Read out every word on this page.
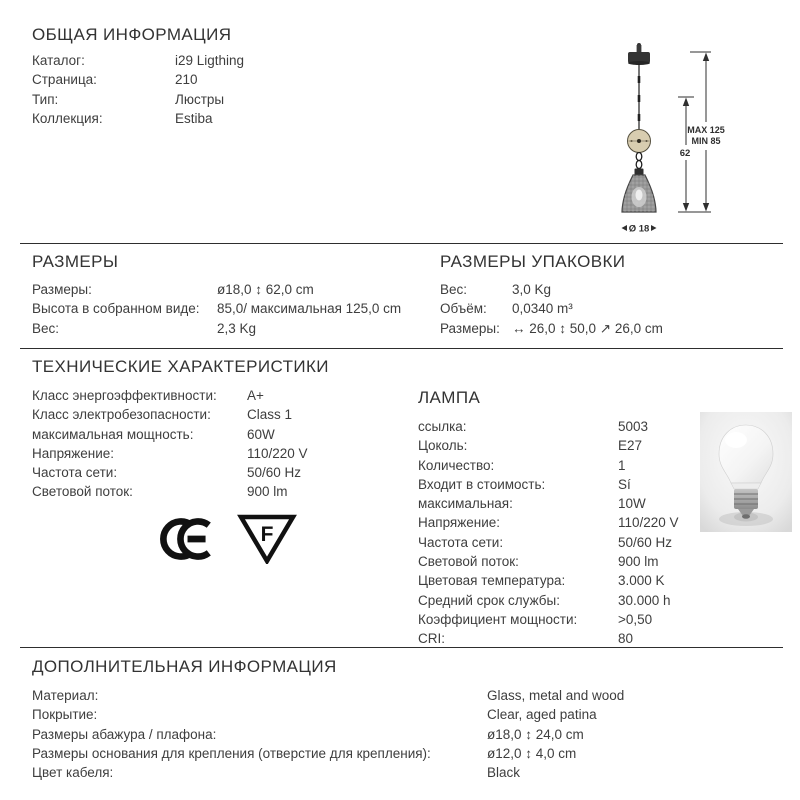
ОБЩАЯ ИНФОРМАЦИЯ
Каталог:	i29 Ligthing
Страница:	210
Тип:	Люстры
Коллекция:	Estiba
Ø 18
62
MAX 125
MIN 85
РАЗМЕРЫ
Размеры:	ø18,0 ↕ 62,0 cm
Высота в собранном виде:	85,0/ максимальная 125,0 cm
Вес:	2,3 Kg
РАЗМЕРЫ УПАКОВКИ
Вес:	3,0 Kg
Объём:	0,0340 m³
Размеры: ↔ 26,0 ↕ 50,0 ↗ 26,0 cm
ТЕХНИЧЕСКИЕ ХАРАКТЕРИСТИКИ
Класс энергоэффективности:	A+
Класс электробезопасности:	Class 1
максимальная мощность:	60W
Напряжение:	110/220 V
Частота сети:	50/60 Hz
Световой поток:	900 lm
F
ЛАМПА
ссылка:	5003
Цоколь:	E27
Количество:	1
Входит в стоимость:	Sí
максимальная:	10W
Напряжение:	110/220 V
Частота сети:	50/60 Hz
Световой поток:	900 lm
Цветовая температура:	3.000 K
Средний срок службы:	30.000 h
Коэффициент мощности:	>0,50
CRI:	80
ДОПОЛНИТЕЛЬНАЯ ИНФОРМАЦИЯ
Материал:	Glass, metal and wood
Покрытие:	Clear, aged patina
Размеры абажура / плафона:	ø18,0 ↕ 24,0 cm
Размеры основания для крепления (отверстие для крепления):	ø12,0 ↕ 4,0 cm
Цвет кабеля:	Black
